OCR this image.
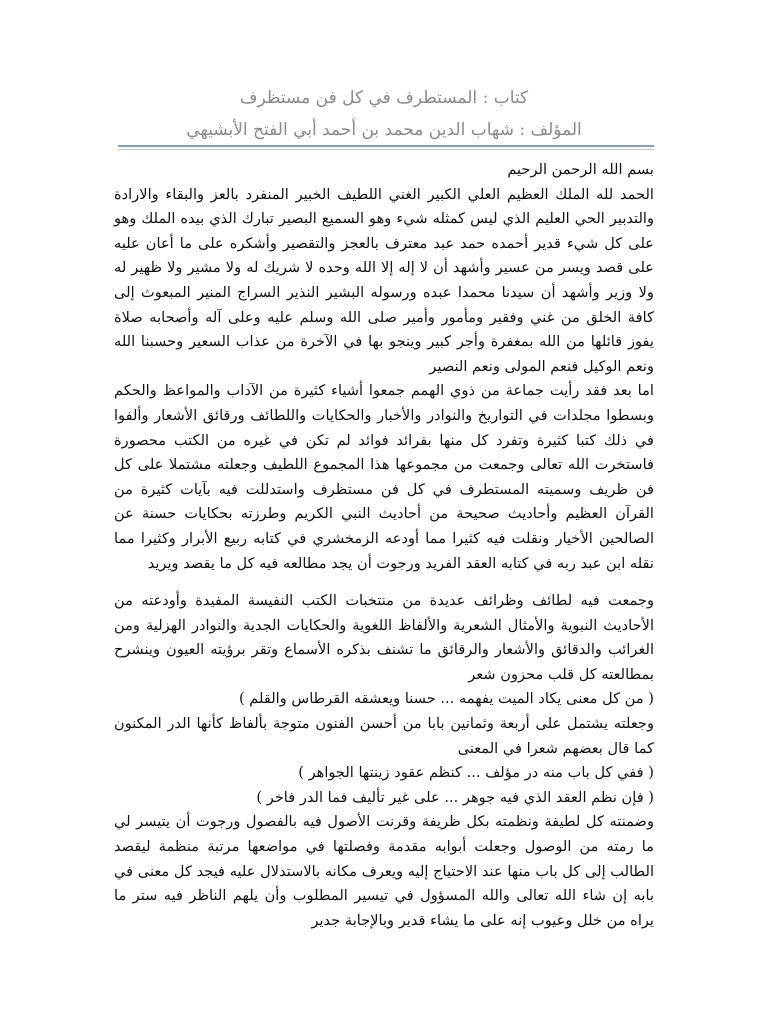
كتاب : المستطرف في كل فن مستظرف
المؤلف : شهاب الدين محمد بن أحمد أبي الفتح الأبشيهي

بسم الله الرحمن الرحيم

الحمد لله الملك العظيم العلي الكبير الغني اللطيف الخبير المنفرد بالعز والبقاء والارادة والتدبير الحي العليم الذي ليس كمثله شيء وهو السميع البصير تبارك الذي بيده الملك وهو على كل شيء قدير أحمده حمد عبد معترف بالعجز والتقصير وأشكره على ما أعان عليه على قصد ويسر من عسير وأشهد أن لا إله إلا الله وحده لا شريك له ولا مشير ولا ظهير له ولا وزير وأشهد أن سيدنا محمدا عبده ورسوله البشير النذير السراج المنير المبعوث إلى كافة الخلق من غني وفقير ومأمور وأمير صلى الله وسلم عليه وعلى آله وأصحابه صلاة يفوز قائلها من الله بمغفرة وأجر كبير وينجو بها في الآخرة من عذاب السعير وحسبنا الله ونعم الوكيل فنعم المولى ونعم النصير

اما بعد فقد رأيت جماعة من ذوي الهمم جمعوا أشياء كثيرة من الآداب والمواعظ والحكم وبسطوا مجلدات في التواريخ والنوادر والأخبار والحكايات واللطائف ورقائق الأشعار وألفوا في ذلك كتبا كثيرة وتفرد كل منها بفرائد فوائد لم تكن في غيره من الكتب محصورة فاستخرت الله تعالى وجمعت من مجموعها هذا المجموع اللطيف وجعلته مشتملا على كل فن ظريف وسميته المستطرف في كل فن مستظرف واستدللت فيه بآيات كثيرة من القرآن العظيم وأحاديث صحيحة من أحاديث النبي الكريم وطرزته بحكايات حسنة عن الصالحين الأخيار ونقلت فيه كثيرا مما أودعه الزمخشري في كتابه ربيع الأبرار وكثيرا مما نقله ابن عبد ربه في كتابه العقد الفريد ورجوت أن يجد مطالعه فيه كل ما يقصد ويريد

وجمعت فيه لطائف وظرائف عديدة من منتخبات الكتب النفيسة المفيدة وأودعته من الأحاديث النبوية والأمثال الشعرية والألفاظ اللغوية والحكايات الجدية والنوادر الهزلية ومن الغرائب والدقائق والأشعار والرقائق ما تشنف بذكره الأسماع وتقر برؤيته العيون وينشرح بمطالعته كل قلب محزون شعر

( من كل معنى يكاد الميت يفهمه ... حسنا ويعشقه القرطاس والقلم )

وجعلته يشتمل على أربعة وثمانين بابا من أحسن الفنون متوجة بألفاظ كأنها الدر المكنون كما قال بعضهم شعرا في المعنى

( ففي كل باب منه در مؤلف ... كنظم عقود زينتها الجواهر )

( فإن نظم العقد الذي فيه جوهر ... على غير تأليف فما الدر فاخر )

وضمنته كل لطيفة ونظمته بكل ظريفة وقرنت الأصول فيه بالفصول ورجوت أن يتيسر لي ما رمته من الوصول وجعلت أبوابه مقدمة وفصلتها في مواضعها مرتبة منظمة ليقصد الطالب إلى كل باب منها عند الاحتياج إليه ويعرف مكانه بالاستدلال عليه فيجد كل معنى في بابه إن شاء الله تعالى والله المسؤول في تيسير المطلوب وأن يلهم الناظر فيه ستر ما يراه من خلل وعيوب إنه على ما يشاء قدير وبالإجابة جدير
